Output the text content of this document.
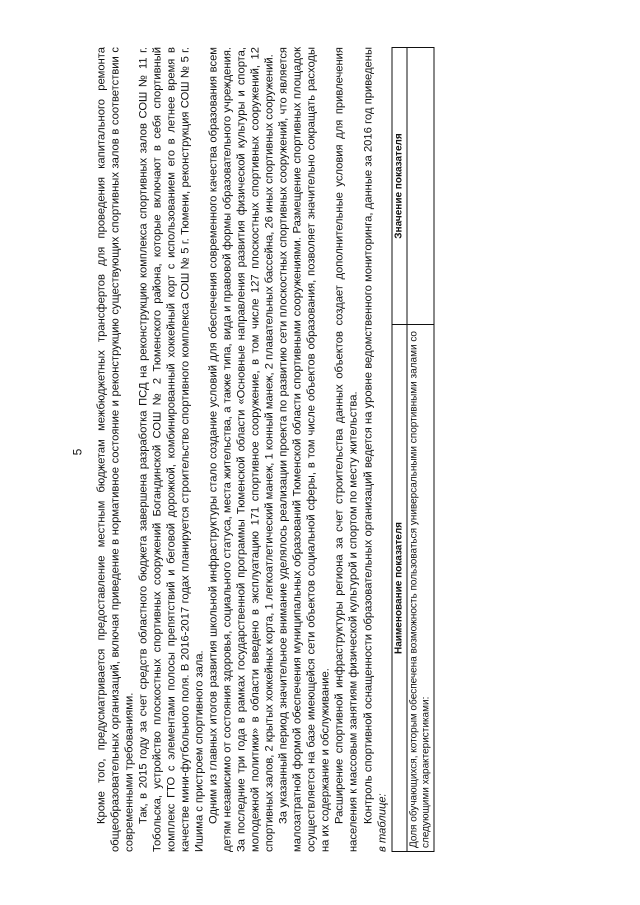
5 Кроме того, предусматривается предоставление местным бюджетам межбюджетных трансфертов для проведения капитального ремонта общеобразовательных организаций, включая приведение в нормативное состояние и реконструкцию существующих спортивных залов в соответствии с современными требованиями. Так, в 2015 году за счет средств областного бюджета завершена разработка ПСД на реконструкцию комплекса спортивных залов СОШ № 11 г. Тобольска, устройство плоскостных спортивных сооружений Богандинской СОШ № 2 Тюменского района, которые включают в себя спортивный комплекс ГТО с элементами полосы препятствий и беговой дорожкой, комбинированный хоккейный корт с использованием его в летнее время в качестве мини-футбольного поля. В 2016-2017 годах планируется строительство спортивного комплекса СОШ № 5 г. Тюмени, реконструкция СОШ № 5 г. Ишима с пристроем спортивного зала. Одним из главных итогов развития школьной инфраструктуры стало создание условий для обеспечения современного качества образования всем детям независимо от состояния здоровья, социального статуса, места жительства, а также типа, вида и правовой формы образовательного учреждения. За последние три года в рамках государственной программы Тюменской области «Основные направления развития физической культуры и спорта, молодежной политики» в области введено в эксплуатацию 171 спортивное сооружение, в том числе 127 плоскостных спортивных сооружений, 12 спортивных залов, 2 крытых хоккейных корта, 1 легкоатлетический манеж, 1 конный манеж, 2 плавательных бассейна, 26 иных спортивных сооружений. За указанный период значительное внимание уделялось реализации проекта по развитию сети плоскостных спортивных сооружений, что является малозатратной формой обеспечения муниципальных образований Тюменской области спортивными сооружениями. Размещение спортивных площадок осуществляется на базе имеющейся сети объектов социальной сферы, в том числе объектов образования, позволяет значительно сокращать расходы на их содержание и обслуживание. Расширение спортивной инфраструктуры региона за счет строительства данных объектов создает дополнительные условия для привлечения населения к массовым занятиям физической культурой и спортом по месту жительства. Контроль спортивной оснащенности образовательных организаций ведется на уровне ведомственного мониторинга, данные за 2016 год приведены в таблице:

Наименование показателя	Значение показателя
Доля обучающихся, которым обеспечена возможность пользоваться универсальными спортивными залами со следующими характеристиками:	
